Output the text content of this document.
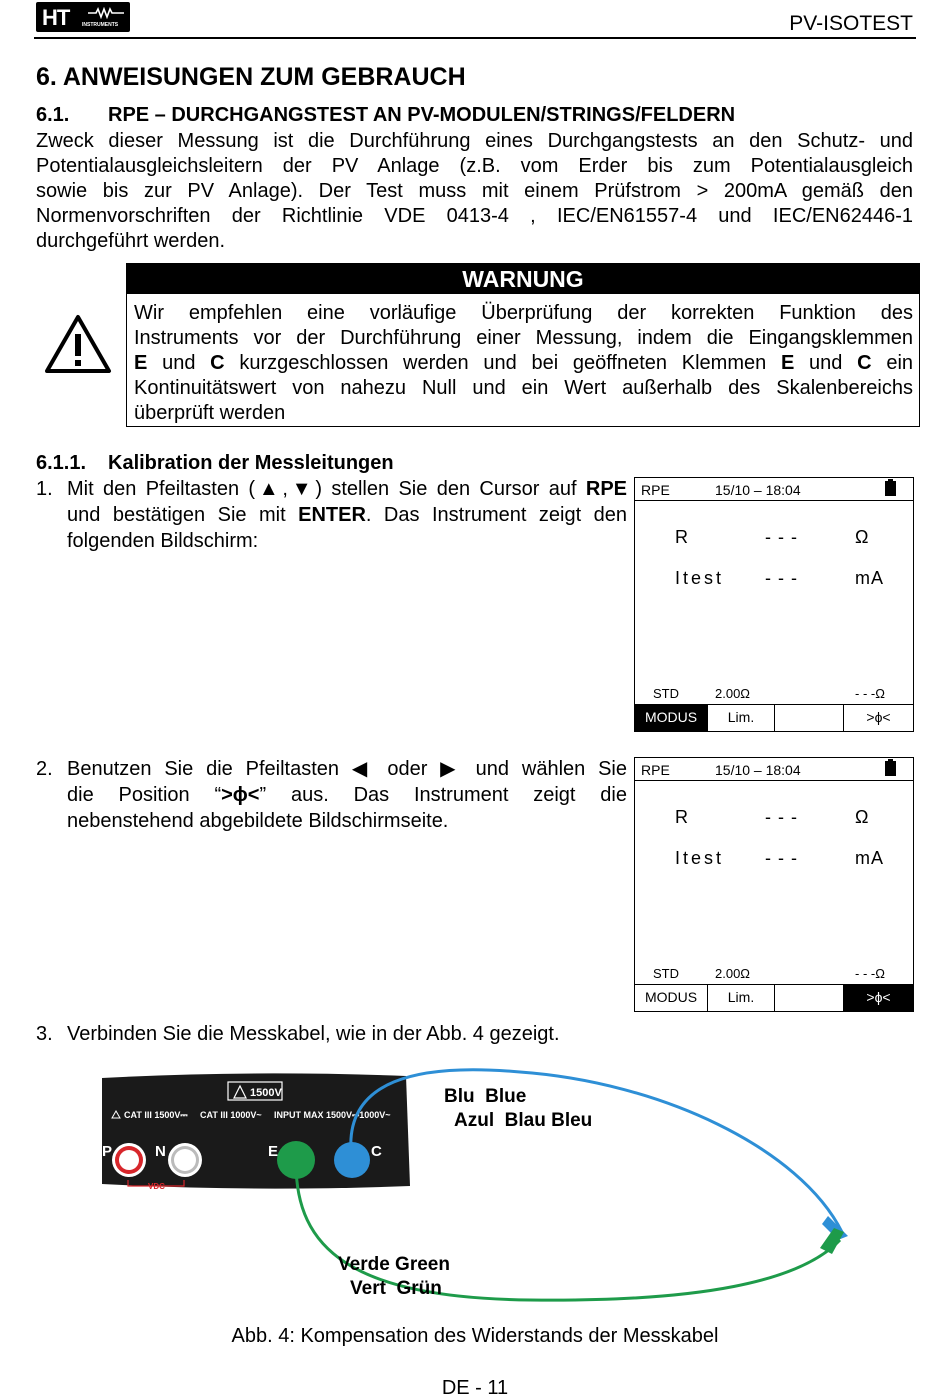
HT	INSTRUMENTS	PV-ISOTEST
6. ANWEISUNGEN ZUM GEBRAUCH
6.1. RPE – DURCHGANGSTEST AN PV-MODULEN/STRINGS/FELDERN
Zweck dieser Messung ist die Durchführung eines Durchgangstests an den Schutz- und
Potentialausgleichsleitern der PV Anlage (z.B. vom Erder bis zum Potentialausgleich
sowie bis zur PV Anlage). Der Test muss mit einem Prüfstrom > 200mA gemäß den
Normenvorschriften der Richtlinie VDE 0413-4 , IEC/EN61557-4 und IEC/EN62446-1
durchgeführt werden.
WARNUNG
Wir empfehlen eine vorläufige Überprüfung der korrekten Funktion des
Instruments vor der Durchführung einer Messung, indem die Eingangsklemmen
E und C kurzgeschlossen werden und bei geöffneten Klemmen E und C ein
Kontinuitätswert von nahezu Null und ein Wert außerhalb des Skalenbereichs
überprüft werden
6.1.1. Kalibration der Messleitungen
1. Mit den Pfeiltasten (▲,▼) stellen Sie den Cursor auf RPE
und bestätigen Sie mit ENTER. Das Instrument zeigt den
folgenden Bildschirm:
RPE	15/10 – 18:04
R	- - -	Ω
Itest - - -	mA
STD	2.00Ω	- - -Ω
MODUS	Lim.	>ϕ<
2. Benutzen Sie die Pfeiltasten ◀ oder ▶ und wählen Sie
die Position “>ϕ<” aus. Das Instrument zeigt die
nebenstehend abgebildete Bildschirmseite.
RPE	15/10 – 18:04
R	- - -	Ω
Itest - - -	mA
STD	2.00Ω	- - -Ω
MODUS	Lim.	>ϕ<
3. Verbinden Sie die Messkabel, wie in der Abb. 4 gezeigt.
1500V
CAT III 1500V⎓ CAT III 1000V~ INPUT MAX 1500V⎓1000V~
P	N	E	C
VDC
Blu  Blue
Azul  Blau Bleu
Verde Green
Vert  Grün
Abb. 4: Kompensation des Widerstands der Messkabel
DE - 11
